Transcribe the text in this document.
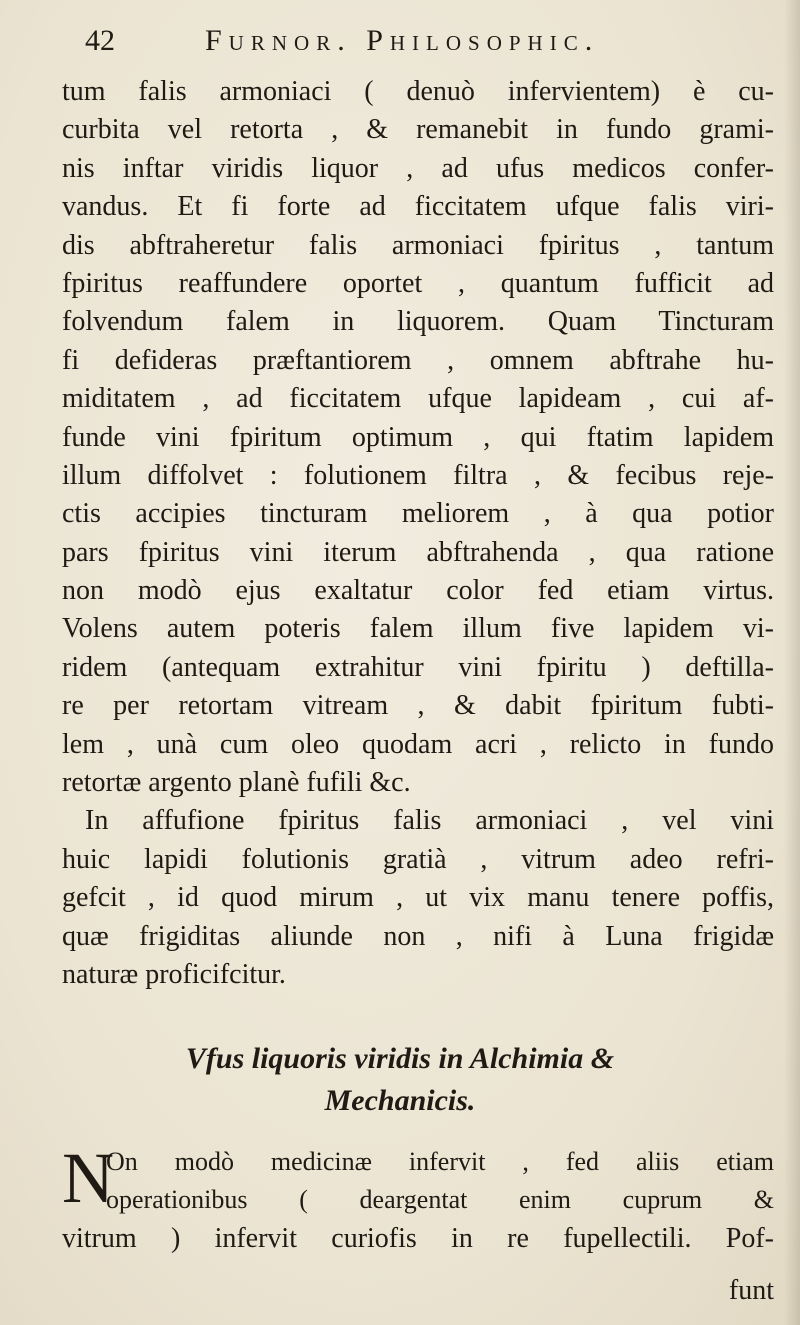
42	Furnor. Philosophic.
tum falis armoniaci ( denuò infervientem) è cu-
curbita vel retorta , & remanebit in fundo grami-
nis inftar viridis liquor , ad ufus medicos confer-
vandus. Et fi forte ad ficcitatem ufque falis viri-
dis abftraheretur falis armoniaci fpiritus , tantum
fpiritus reaffundere oportet , quantum fufficit ad
folvendum falem in liquorem. Quam Tincturam
fi defideras præftantiorem , omnem abftrahe hu-
miditatem , ad ficcitatem ufque lapideam , cui af-
funde vini fpiritum optimum , qui ftatim lapidem
illum diffolvet : folutionem filtra , & fecibus reje-
ctis accipies tincturam meliorem , à qua potior
pars fpiritus vini iterum abftrahenda , qua ratione
non modò ejus exaltatur color fed etiam virtus.
Volens autem poteris falem illum five lapidem vi-
ridem (antequam extrahitur vini fpiritu ) deftilla-
re per retortam vitream , & dabit fpiritum fubti-
lem , unà cum oleo quodam acri , relicto in fundo
retortæ argento planè fufili &c.
In affufione fpiritus falis armoniaci , vel vini
huic lapidi folutionis gratià , vitrum adeo refri-
gefcit , id quod mirum , ut vix manu tenere poffis,
quæ frigiditas aliunde non , nifi à Luna frigidæ
naturæ proficifcitur.
Vfus liquoris viridis in Alchimia &
Mechanicis.
N
On modò medicinæ infervit , fed aliis etiam
operationibus ( deargentat enim cuprum &
vitrum ) infervit curiofis in re fupellectili. Pof-
funt
